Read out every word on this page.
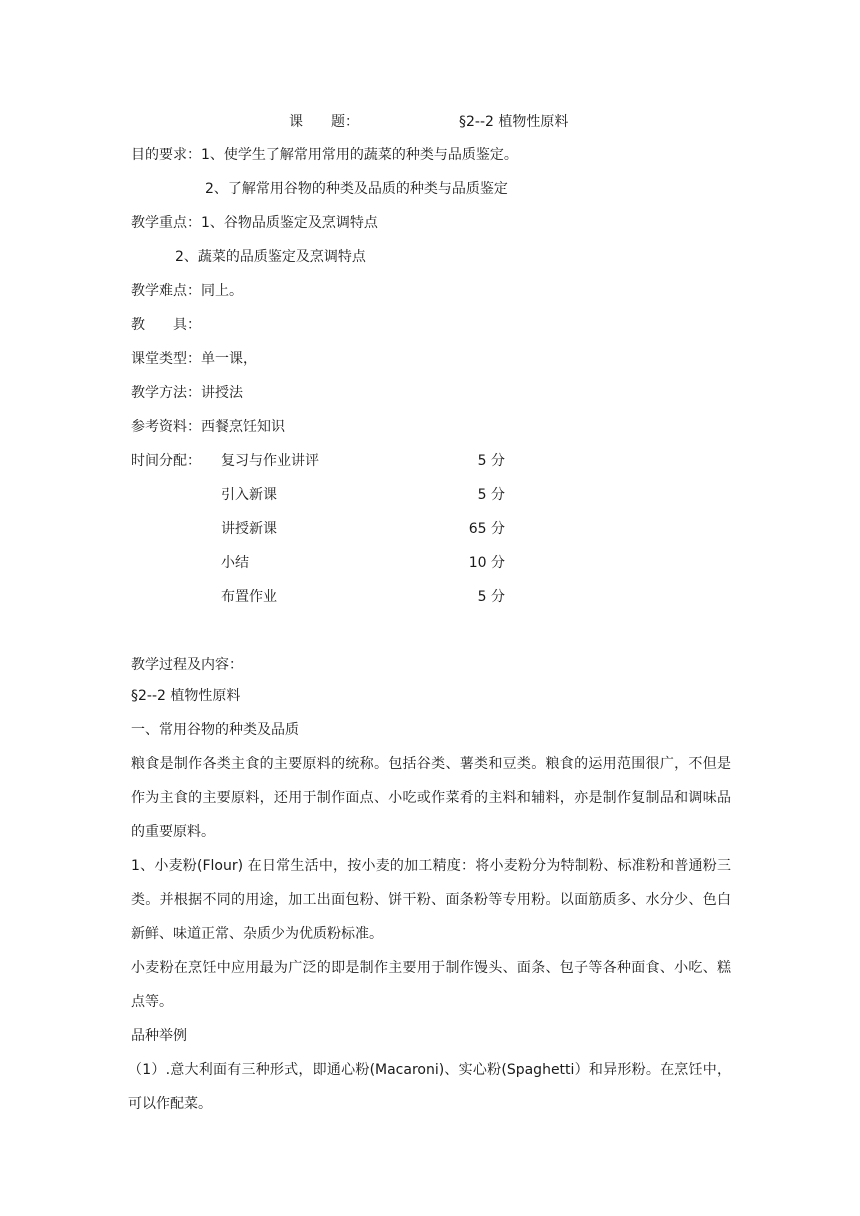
课　　题：	§2--2 植物性原料
目的要求：1、使学生了解常用常用的蔬菜的种类与品质鉴定。
2、了解常用谷物的种类及品质的种类与品质鉴定
教学重点：1、谷物品质鉴定及烹调特点
2、蔬菜的品质鉴定及烹调特点
教学难点：同上。
教　　具：
课堂类型：单一课，
教学方法：讲授法
参考资料：西餐烹饪知识
时间分配： 复习与作业讲评	5 分
引入新课	5 分
讲授新课	65 分
小结	10 分
布置作业	5 分
教学过程及内容：
§2--2 植物性原料
一、常用谷物的种类及品质
粮食是制作各类主食的主要原料的统称。包括谷类、薯类和豆类。粮食的运用范围很广，不但是作为主食的主要原料，还用于制作面点、小吃或作菜肴的主料和辅料，亦是制作复制品和调味品的重要原料。
1、小麦粉(Flour) 在日常生活中，按小麦的加工精度：将小麦粉分为特制粉、标准粉和普通粉三类。并根据不同的用途，加工出面包粉、饼干粉、面条粉等专用粉。以面筋质多、水分少、色白新鲜、味道正常、杂质少为优质粉标准。
小麦粉在烹饪中应用最为广泛的即是制作主要用于制作馒头、面条、包子等各种面食、小吃、糕点等。
品种举例
（1）.意大利面有三种形式，即通心粉(Macaroni)、实心粉(Spaghetti）和异形粉。在烹饪中，可以作配菜。
